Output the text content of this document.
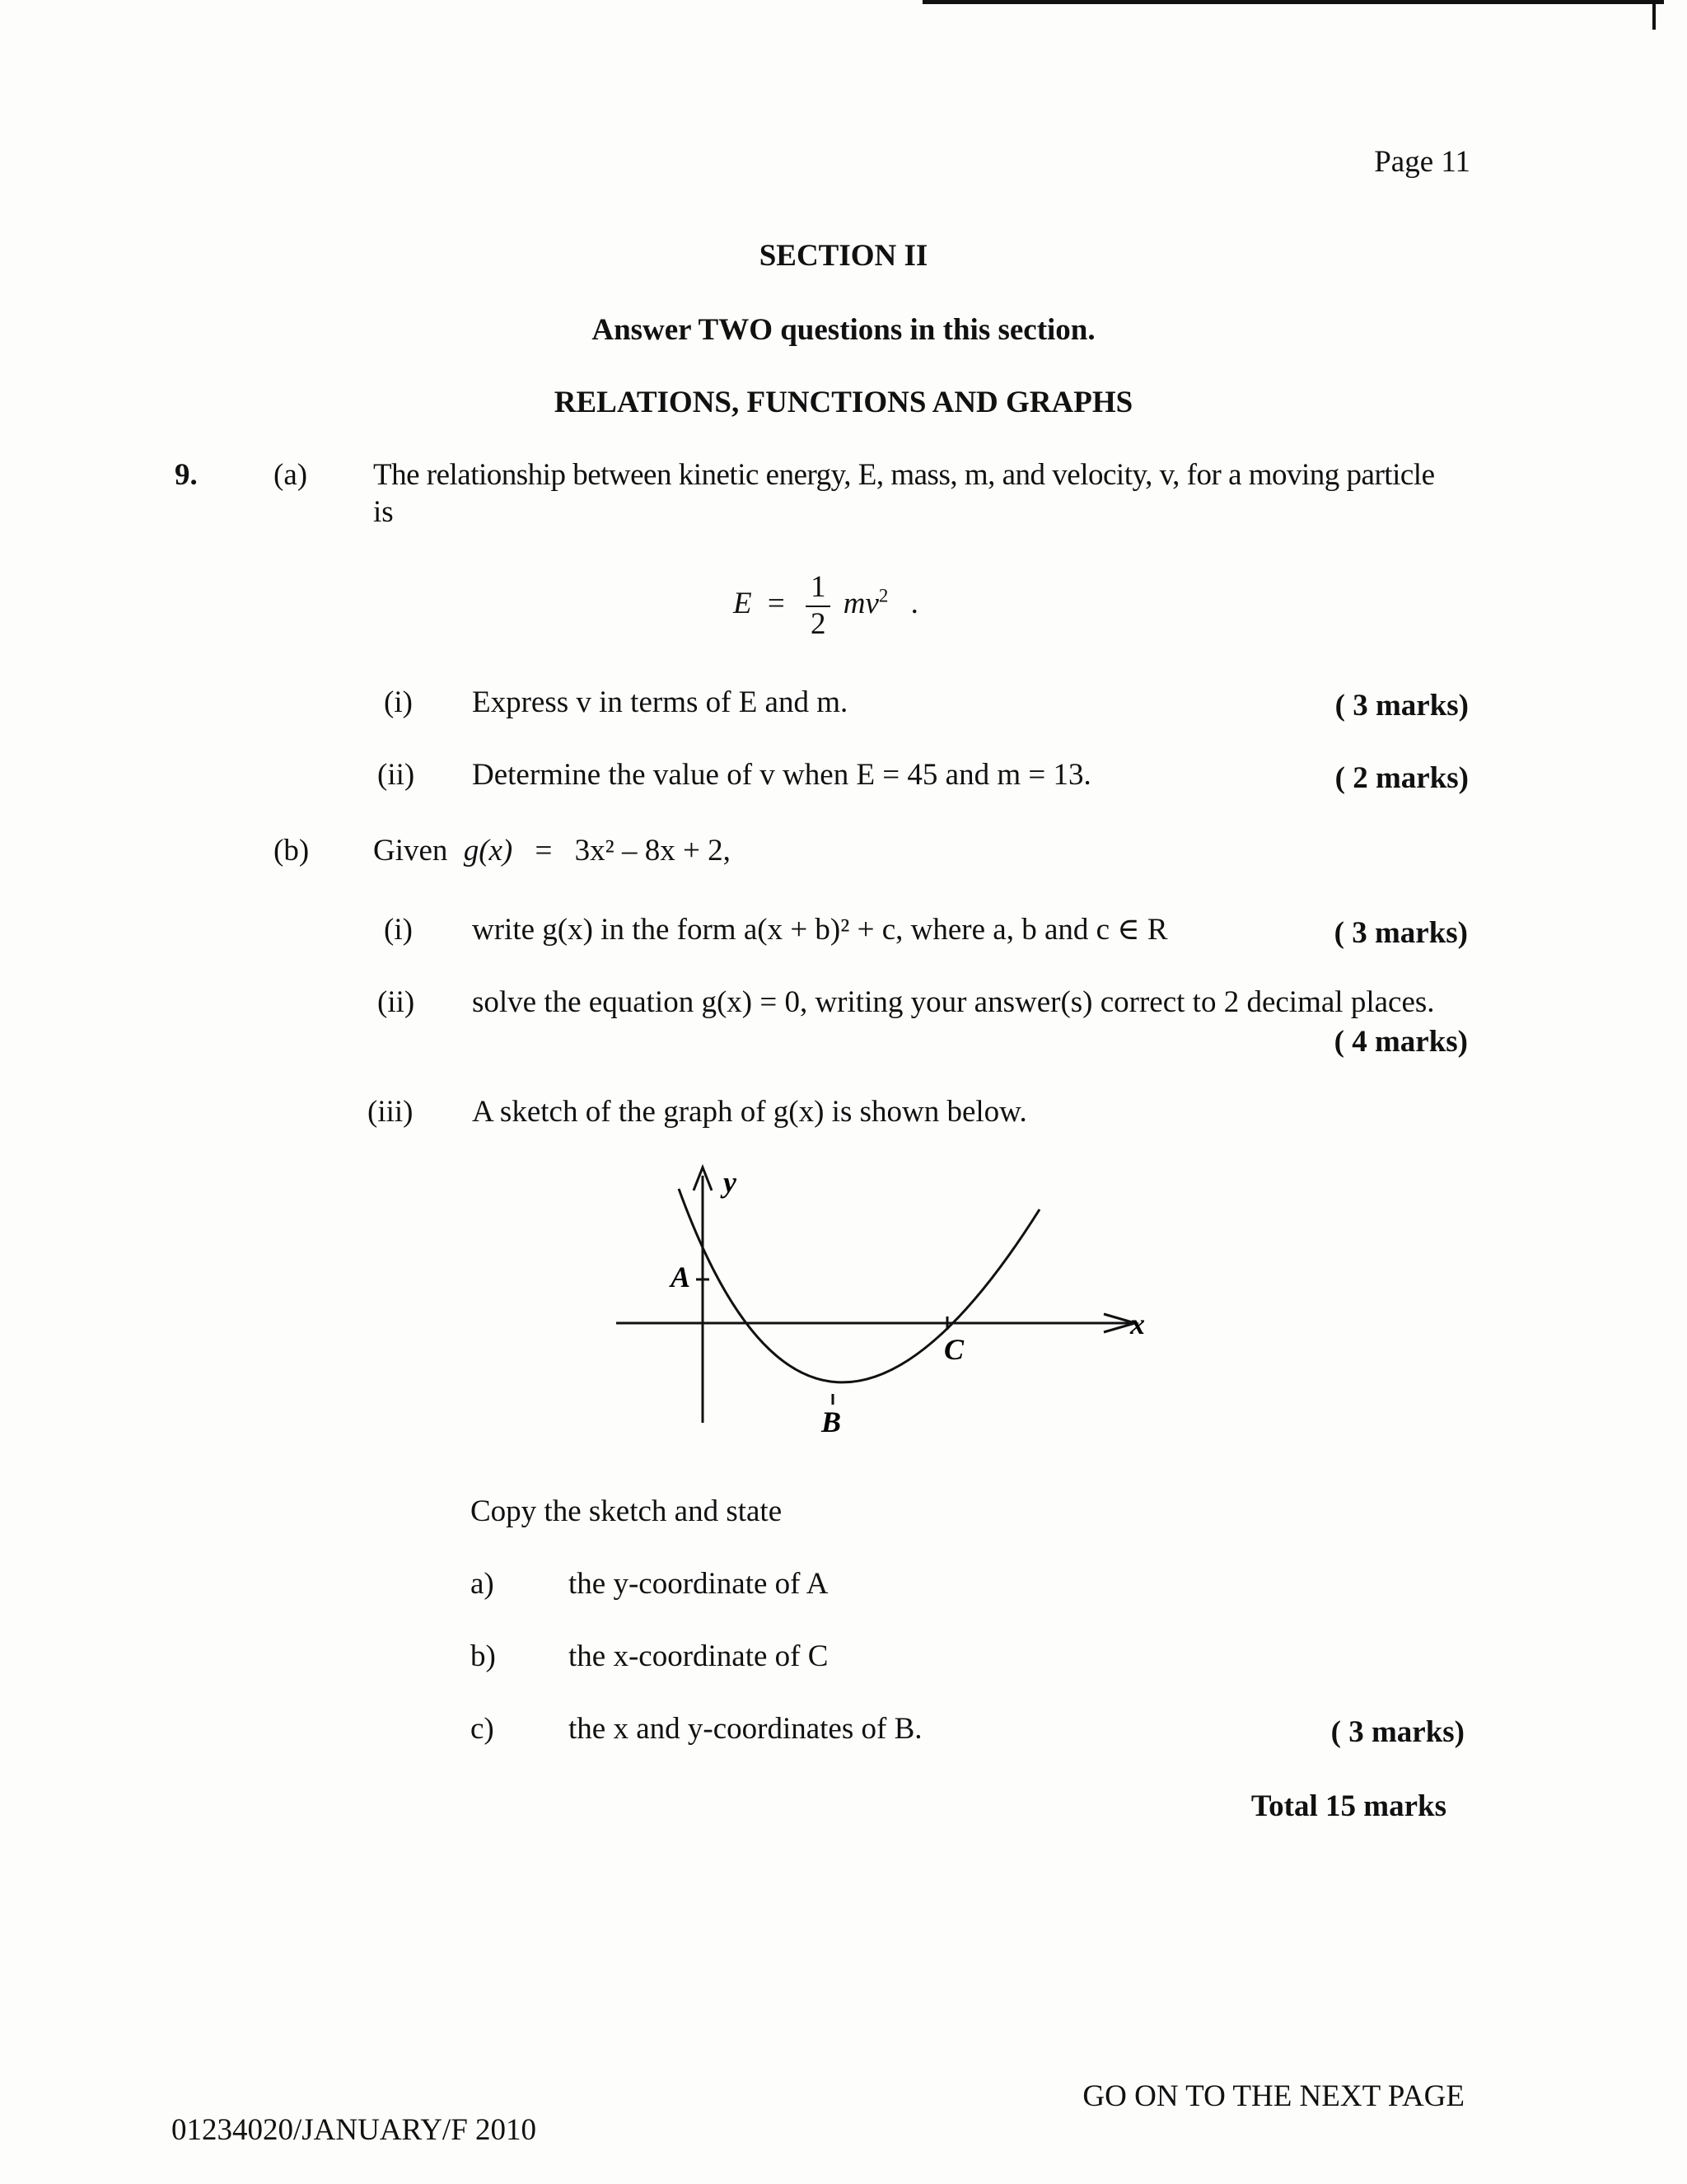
Page 11
SECTION II
Answer TWO questions in this section.
RELATIONS, FUNCTIONS AND GRAPHS
9. (a) The relationship between kinetic energy, E, mass, m, and velocity, v, for a moving particle
is
$E = \frac{1}{2} mv^2$ .
(i) Express v in terms of E and m.	( 3 marks)
(ii) Determine the value of v when E = 45 and m = 13.	( 2 marks)
(b) Given g(x) = 3x² – 8x + 2,
(i) write g(x) in the form a(x + b)² + c, where a, b and c ∈ R	( 3 marks)
(ii) solve the equation g(x) = 0, writing your answer(s) correct to 2 decimal places.
( 4 marks)
(iii) A sketch of the graph of g(x) is shown below.
y
x
A
B
C
Copy the sketch and state
a) the y-coordinate of A
b) the x-coordinate of C
c) the x and y-coordinates of B.	( 3 marks)
Total 15 marks
GO ON TO THE NEXT PAGE
01234020/JANUARY/F 2010
